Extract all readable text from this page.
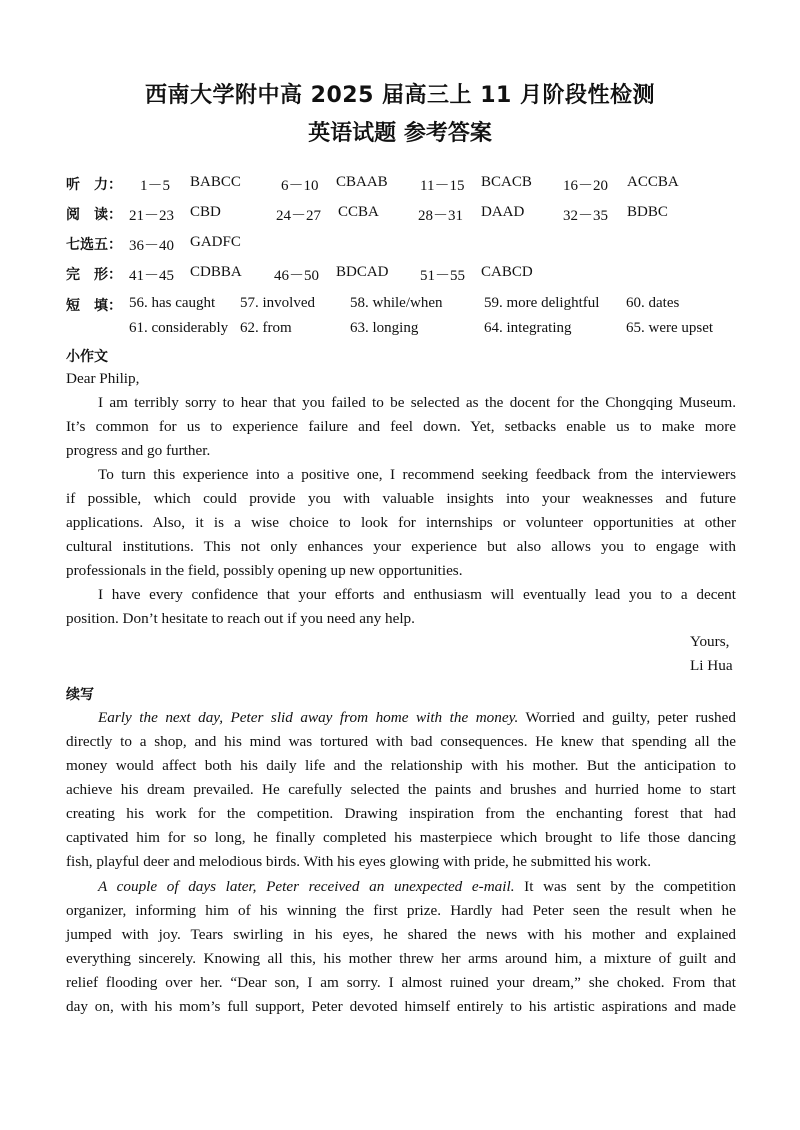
西南大学附中高 2025 届高三上 11 月阶段性检测
英语试题 参考答案
听　力： 1－5 BABCC	6－10 CBAAB 11－15 BCACB 16－20 ACCBA
阅　读： 21－23 CBD	24－27 CCBA	28－31 DAAD	32－35 BDBC
七选五： 36－40 GADFC
完　形： 41－45 CDBBA 46－50 BDCAD 51－55 CABCD
短　填： 56. has caught 57. involved 58. while/when	59. more delightful 60. dates
61. considerably 62. from	63. longing	64. integrating	65. were upset
小作文
Dear Philip,
I am terribly sorry to hear that you failed to be selected as the docent for the Chongqing Museum.
It’s common for us to experience failure and feel down. Yet, setbacks enable us to make more
progress and go further.
To turn this experience into a positive one, I recommend seeking feedback from the interviewers
if possible, which could provide you with valuable insights into your weaknesses and future
applications. Also, it is a wise choice to look for internships or volunteer opportunities at other
cultural institutions. This not only enhances your experience but also allows you to engage with
professionals in the field, possibly opening up new opportunities.
I have every confidence that your efforts and enthusiasm will eventually lead you to a decent
position. Don’t hesitate to reach out if you need any help.
Yours,
Li Hua
续写
Early the next day, Peter slid away from home with the money. Worried and guilty, peter rushed
directly to a shop, and his mind was tortured with bad consequences. He knew that spending all the
money would affect both his daily life and the relationship with his mother. But the anticipation to
achieve his dream prevailed. He carefully selected the paints and brushes and hurried home to start
creating his work for the competition. Drawing inspiration from the enchanting forest that had
captivated him for so long, he finally completed his masterpiece which brought to life those dancing
fish, playful deer and melodious birds. With his eyes glowing with pride, he submitted his work.
A couple of days later, Peter received an unexpected e-mail. It was sent by the competition
organizer, informing him of his winning the first prize. Hardly had Peter seen the result when he
jumped with joy. Tears swirling in his eyes, he shared the news with his mother and explained
everything sincerely. Knowing all this, his mother threw her arms around him, a mixture of guilt and
relief flooding over her. “Dear son, I am sorry. I almost ruined your dream,” she choked. From that
day on, with his mom’s full support, Peter devoted himself entirely to his artistic aspirations and made
